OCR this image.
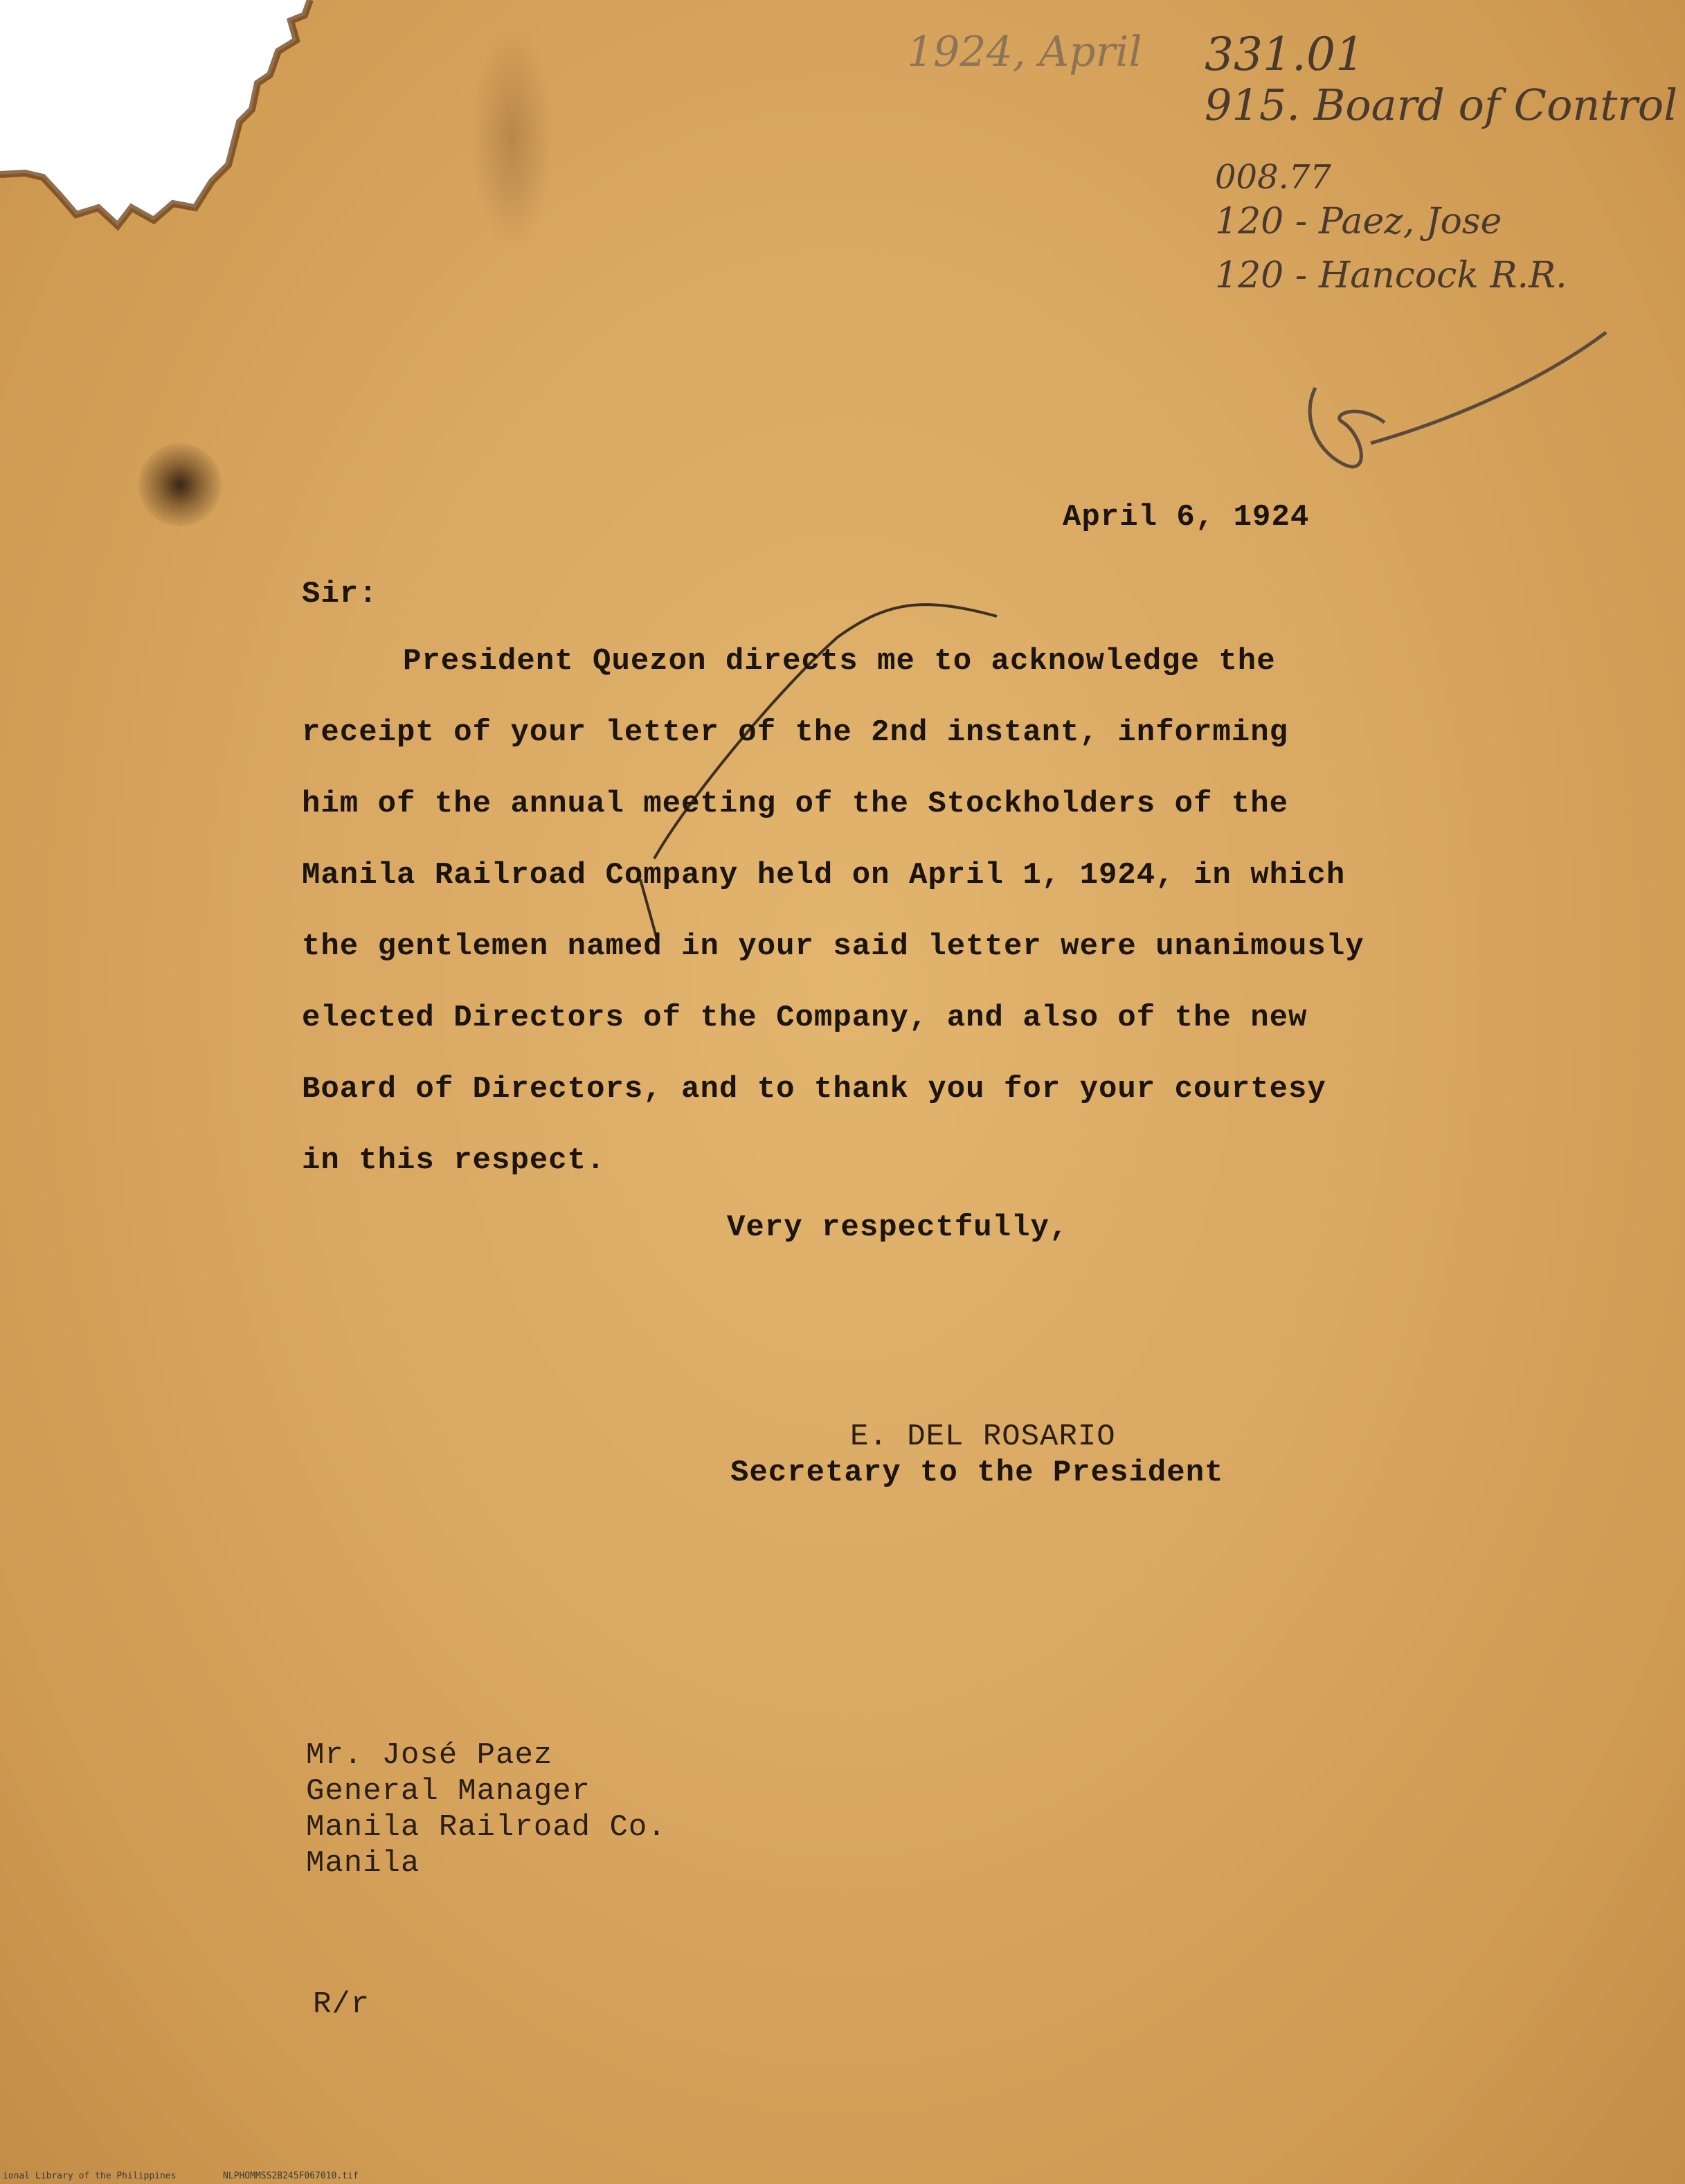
1924, April 331.01
915. Board of Control
008.77
120 - Paez, Jose
120 - Hancock R.R.
April 6, 1924
Sir:
President Quezon directs me to acknowledge the
receipt of your letter of the 2nd instant, informing
him of the annual meeting of the Stockholders of the
Manila Railroad Company held on April 1, 1924, in which
the gentlemen named in your said letter were unanimously
elected Directors of the Company, and also of the new
Board of Directors, and to thank you for your courtesy
in this respect.
Very respectfully,
E. DEL ROSARIO
Secretary to the President
Mr. José Paez
General Manager
Manila Railroad Co.
Manila
R/r
ional Library of the Philippines	NLPHOMMSS2B245F067010.tif
